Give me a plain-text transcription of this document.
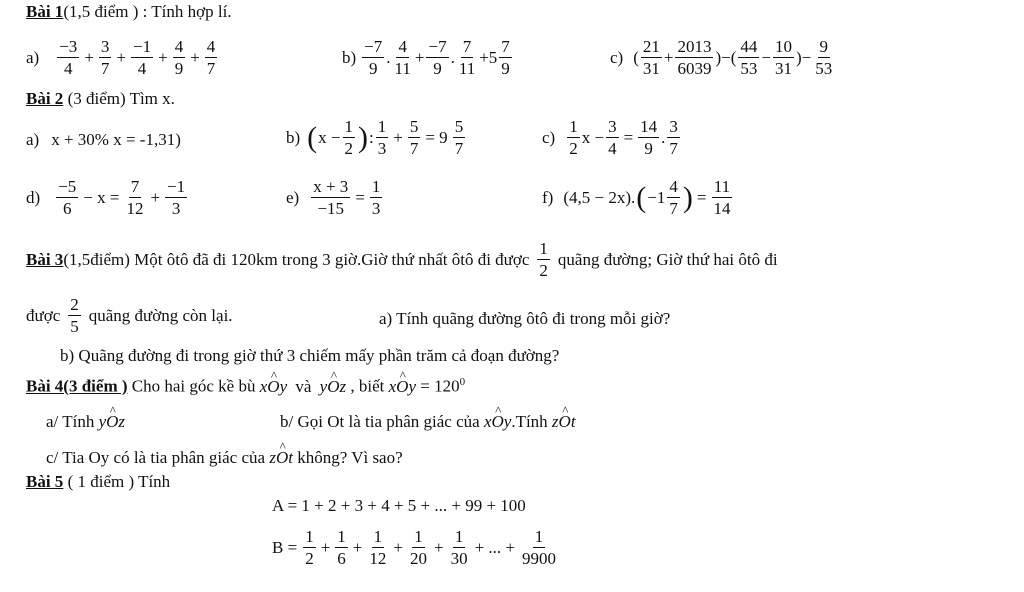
Bài 1(1,5 điểm ) : Tính hợp lí.
$a) \frac{-3}{4} + \frac{3}{7} + \frac{-1}{4} + \frac{4}{9} + \frac{4}{7}$	$b) \frac{-7}{9}$ . $\frac{4}{11} + \frac{-7}{9}$ . $\frac{7}{11} +5 \frac{7}{9}$	c) ( $\frac{21}{31} + \frac{2013}{6039}$ )−( $\frac{44}{53} - \frac{10}{31}$ )− $\frac{9}{53}$
Bài 2 (3 điểm) Tìm x.
a) x + 30% x = -1,31)	b) ( $x - \frac{1}{2}$ ) : $\frac{1}{3} + \frac{5}{7} = 9 \frac{5}{7}$	$c) \frac{1}{2}$ $x - \frac{3}{4} = \frac{14}{9}$ . $\frac{3}{7}$
$d) \frac{-5}{6} - x = \frac{7}{12} + \frac{-1}{3}$	$e) \frac{x + 3}{-15} = \frac{1}{3}$	f) (4,5 − 2x). ( $-1 \frac{4}{7}$ ) = $\frac{11}{14}$
Bài 3 (1,5điểm) Một ôtô đã đi 120km trong 3 giờ.Giờ thứ nhất ôtô đi được $\frac{1}{2}$ quãng đường; Giờ thứ hai ôtô đi
được $\frac{2}{5}$ quãng đường còn lại.	a) Tính quãng đường ôtô đi trong mỗi giờ?
b) Quãng đường đi trong giờ thứ 3 chiếm mấy phần trăm cả đoạn đường?
Bài 4(3 điểm ) Cho hai góc kề bù x^ Oy và y^ Oz , biết x^ $Oy = 120^0$
a/ Tính y^ Oz	b/ Gọi Ot là tia phân giác của x^ Oy.Tính z^ Ot
c/ Tia Oy có là tia phân giác của z^ Ot không? Vì sao?
Bài 5 ( 1 điểm ) Tính
A = 1 + 2 + 3 + 4 + 5 + ... + 99 + 100
$B = \frac{1}{2} + \frac{1}{6} + \frac{1}{12} + \frac{1}{20} + \frac{1}{30}$ + ... + $\frac{1}{9900}$
